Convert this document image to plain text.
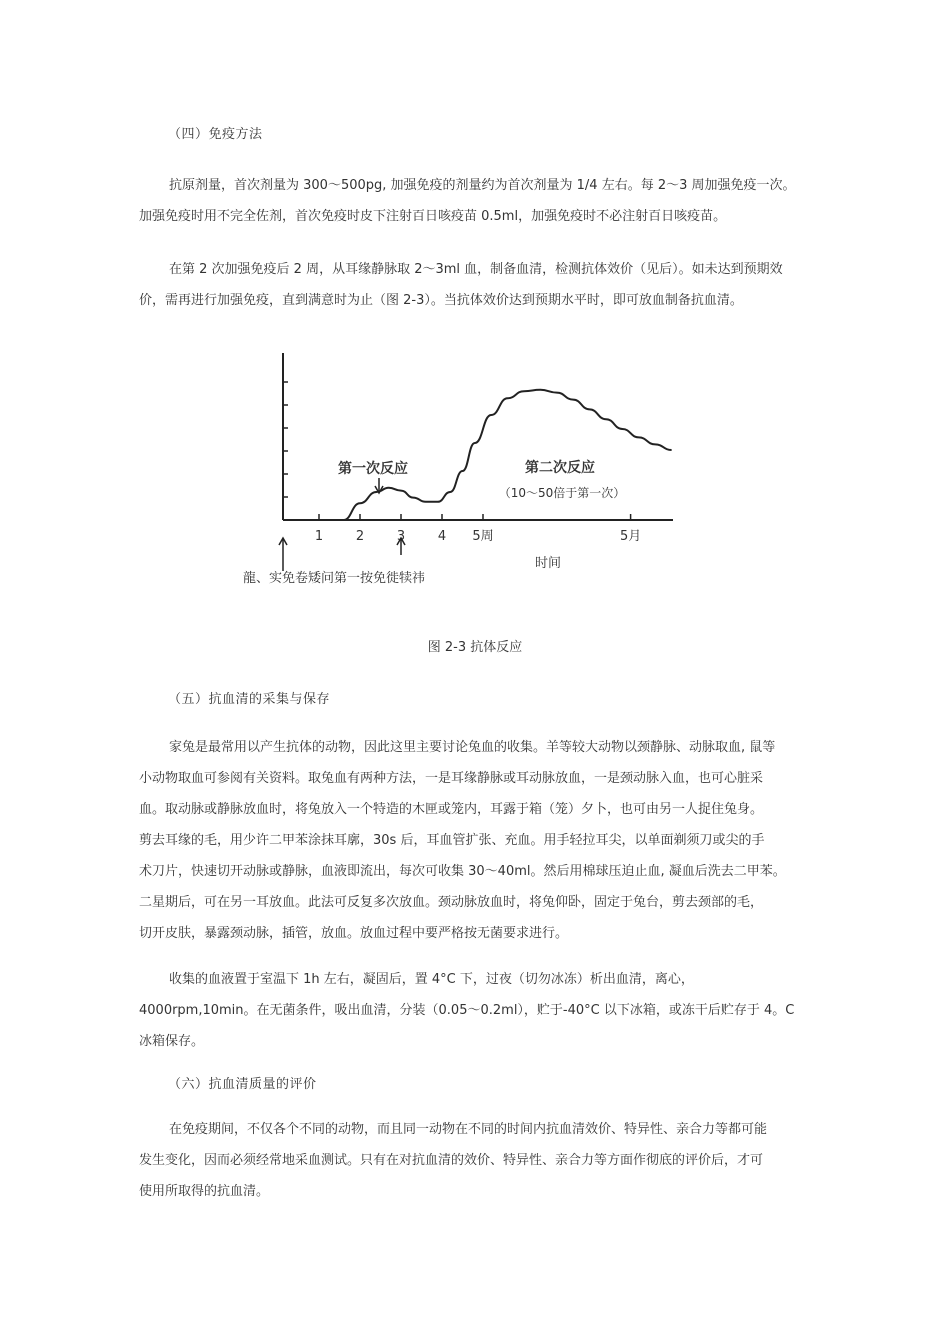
（四）免疫方法
抗原剂量，首次剂量为 300～500pg, 加强免疫的剂量约为首次剂量为 1/4 左右。每 2～3 周加强免疫一次。
加强免疫时用不完全佐剂，首次免疫时皮下注射百日咳疫苗 0.5ml，加强免疫时不必注射百日咳疫苗。
在第 2 次加强免疫后 2 周，从耳缘静脉取 2～3ml 血，制备血清，检测抗体效价（见后）。如未达到预期效
价，需再进行加强免疫，直到满意时为止（图 2-3）。当抗体效价达到预期水平时，即可放血制备抗血清。
1	2	3	4 5周	5月
时间
第一次反应	第二次反应
（10～50倍于第一次）
龍、实免卷矮问第一按免徙犊祎
图 2-3 抗体反应
（五）抗血清的采集与保存
家兔是最常用以产生抗体的动物，因此这里主要讨论兔血的收集。羊等较大动物以颈静脉、动脉取血, 鼠等
小动物取血可参阅有关资料。取兔血有两种方法，一是耳缘静脉或耳动脉放血，一是颈动脉入血，也可心脏采
血。取动脉或静脉放血时，将兔放入一个特造的木匣或笼内，耳露于箱（笼）夕卜，也可由另一人捉住兔身。
剪去耳缘的毛，用少许二甲苯涂抹耳廓，30s 后，耳血管扩张、充血。用手轻拉耳尖，以单面剃须刀或尖的手
术刀片，快速切开动脉或静脉，血液即流出，每次可收集 30～40ml。然后用棉球压迫止血, 凝血后洗去二甲苯。
二星期后，可在另一耳放血。此法可反复多次放血。颈动脉放血时，将兔仰卧，固定于兔台，剪去颈部的毛，
切开皮肤，暴露颈动脉，插管，放血。放血过程中要严格按无菌要求进行。
收集的血液置于室温下 1h 左右，凝固后，置 4°C 下，过夜（切勿冰冻）析出血清，离心，
4000rpm,10min。在无菌条件，吸出血清，分装（0.05～0.2ml），贮于-40°C 以下冰箱，或冻干后贮存于 4。C
冰箱保存。
（六）抗血清质量的评价
在免疫期间，不仅各个不同的动物，而且同一动物在不同的时间内抗血清效价、特异性、亲合力等都可能
发生变化，因而必须经常地采血测试。只有在对抗血清的效价、特异性、亲合力等方面作彻底的评价后，才可
使用所取得的抗血清。
